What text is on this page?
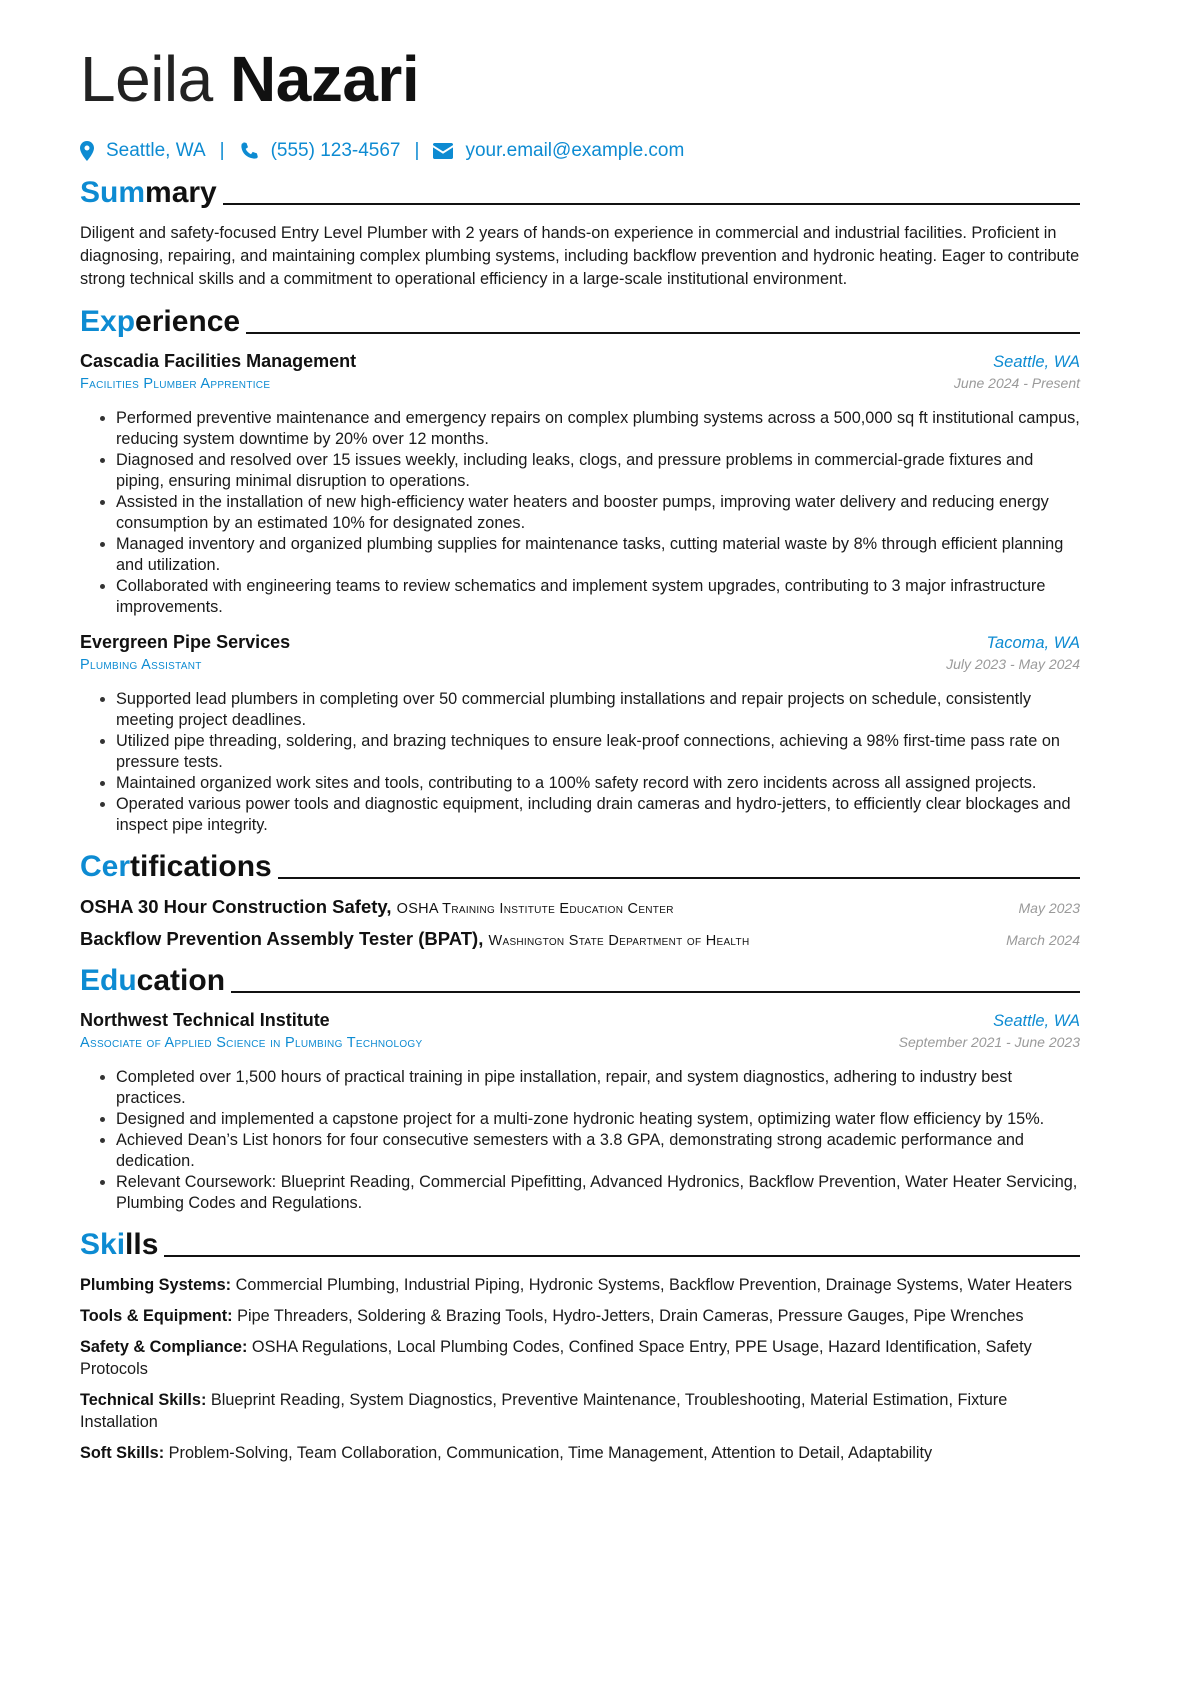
Leila Nazari
Seattle, WA | (555) 123-4567 | your.email@example.com
Sum mary

Diligent and safety-focused Entry Level Plumber with 2 years of hands-on experience in commercial and industrial facilities. Proficient in diagnosing, repairing, and maintaining complex plumbing systems, including backflow prevention and hydronic heating. Eager to contribute strong technical skills and a commitment to operational efficiency in a large-scale institutional environment.

Exp erience
Cascadia Facilities Management	Seattle, WA
Facilities Plumber Apprentice	June 2024 - Present
• Performed preventive maintenance and emergency repairs on complex plumbing systems across a 500,000 sq ft institutional campus, reducing system downtime by 20% over 12 months.
• Diagnosed and resolved over 15 issues weekly, including leaks, clogs, and pressure problems in commercial-grade fixtures and piping, ensuring minimal disruption to operations.
• Assisted in the installation of new high-efficiency water heaters and booster pumps, improving water delivery and reducing energy consumption by an estimated 10% for designated zones.
• Managed inventory and organized plumbing supplies for maintenance tasks, cutting material waste by 8% through efficient planning and utilization.
• Collaborated with engineering teams to review schematics and implement system upgrades, contributing to 3 major infrastructure improvements.
Evergreen Pipe Services	Tacoma, WA
Plumbing Assistant	July 2023 - May 2024
• Supported lead plumbers in completing over 50 commercial plumbing installations and repair projects on schedule, consistently meeting project deadlines.
• Utilized pipe threading, soldering, and brazing techniques to ensure leak-proof connections, achieving a 98% first-time pass rate on pressure tests.
• Maintained organized work sites and tools, contributing to a 100% safety record with zero incidents across all assigned projects.
• Operated various power tools and diagnostic equipment, including drain cameras and hydro-jetters, to efficiently clear blockages and inspect pipe integrity.
Cer tifications
OSHA 30 Hour Construction Safety, OSHA Training Institute Education Center	May 2023
Backflow Prevention Assembly Tester (BPAT), Washington State Department of Health	March 2024
Edu cation
Northwest Technical Institute	Seattle, WA
Associate of Applied Science in Plumbing Technology	September 2021 - June 2023
• Completed over 1,500 hours of practical training in pipe installation, repair, and system diagnostics, adhering to industry best practices.
• Designed and implemented a capstone project for a multi-zone hydronic heating system, optimizing water flow efficiency by 15%.
• Achieved Dean’s List honors for four consecutive semesters with a 3.8 GPA, demonstrating strong academic performance and dedication.
• Relevant Coursework: Blueprint Reading, Commercial Pipefitting, Advanced Hydronics, Backflow Prevention, Water Heater Servicing, Plumbing Codes and Regulations.
Ski lls

Plumbing Systems: Commercial Plumbing, Industrial Piping, Hydronic Systems, Backflow Prevention, Drainage Systems, Water Heaters

Tools & Equipment: Pipe Threaders, Soldering & Brazing Tools, Hydro-Jetters, Drain Cameras, Pressure Gauges, Pipe Wrenches

Safety & Compliance: OSHA Regulations, Local Plumbing Codes, Confined Space Entry, PPE Usage, Hazard Identification, Safety Protocols

Technical Skills: Blueprint Reading, System Diagnostics, Preventive Maintenance, Troubleshooting, Material Estimation, Fixture Installation

Soft Skills: Problem-Solving, Team Collaboration, Communication, Time Management, Attention to Detail, Adaptability
